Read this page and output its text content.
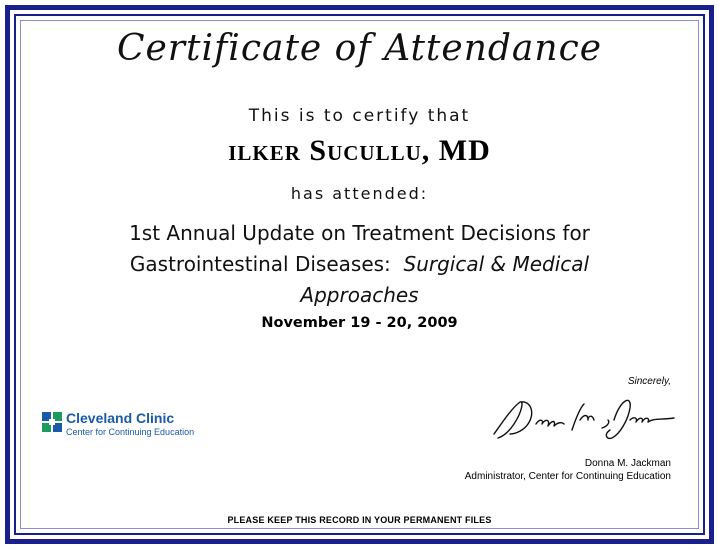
Certificate of Attendance
This is to certify that
ilker Sucullu, MD
has attended:
1st Annual Update on Treatment Decisions for
Gastrointestinal Diseases: Surgical & Medical
Approaches
November 19 - 20, 2009
Sincerely,
Donna M. Jackman
Administrator, Center for Continuing Education
Cleveland Clinic
Center for Continuing Education
PLEASE KEEP THIS RECORD IN YOUR PERMANENT FILES
